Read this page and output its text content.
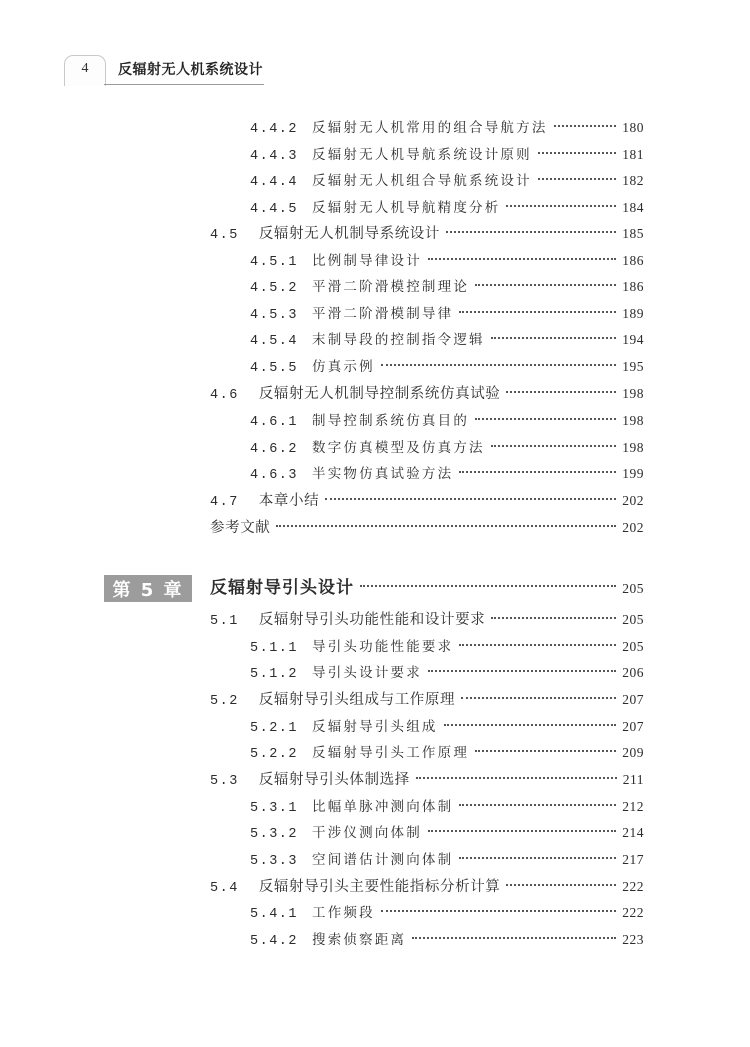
4	反辐射无人机系统设计
4.4.2 反辐射无人机常用的组合导航方法	180
4.4.3 反辐射无人机导航系统设计原则	181
4.4.4 反辐射无人机组合导航系统设计	182
4.4.5 反辐射无人机导航精度分析	184
4.5 反辐射无人机制导系统设计	185
4.5.1 比例制导律设计	186
4.5.2 平滑二阶滑模控制理论	186
4.5.3 平滑二阶滑模制导律	189
4.5.4 末制导段的控制指令逻辑	194
4.5.5 仿真示例	195
4.6 反辐射无人机制导控制系统仿真试验	198
4.6.1 制导控制系统仿真目的	198
4.6.2 数字仿真模型及仿真方法	198
4.6.3 半实物仿真试验方法	199
4.7 本章小结	202
参考文献	202
第 5 章	反辐射导引头设计	205
5.1 反辐射导引头功能性能和设计要求	205
5.1.1 导引头功能性能要求	205
5.1.2 导引头设计要求	206
5.2 反辐射导引头组成与工作原理	207
5.2.1 反辐射导引头组成	207
5.2.2 反辐射导引头工作原理	209
5.3 反辐射导引头体制选择	211
5.3.1 比幅单脉冲测向体制	212
5.3.2 干涉仪测向体制	214
5.3.3 空间谱估计测向体制	217
5.4 反辐射导引头主要性能指标分析计算	222
5.4.1 工作频段	222
5.4.2 搜索侦察距离	223
